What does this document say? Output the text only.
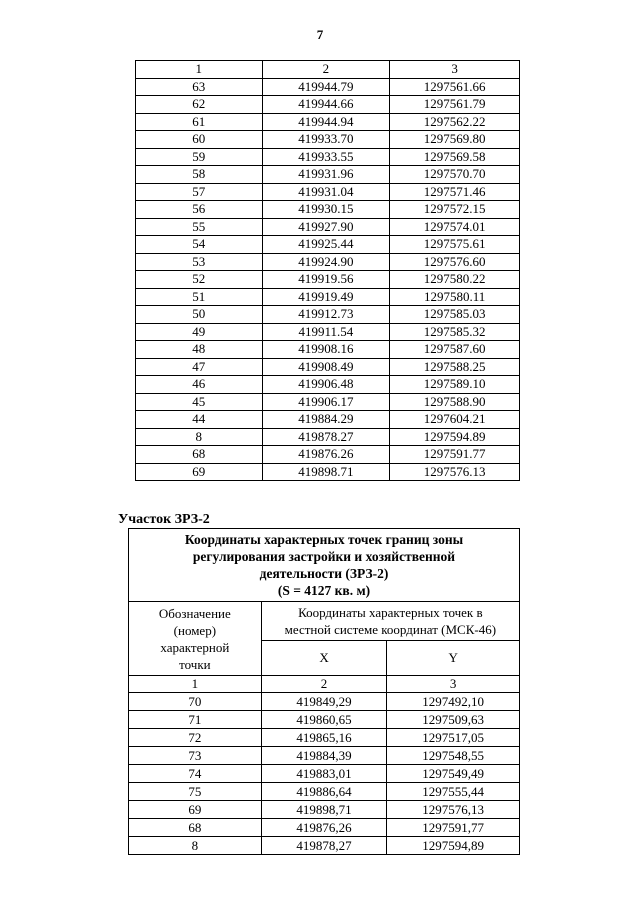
7
1	2	3
63	419944.79	1297561.66
62	419944.66	1297561.79
61	419944.94	1297562.22
60	419933.70	1297569.80
59	419933.55	1297569.58
58	419931.96	1297570.70
57	419931.04	1297571.46
56	419930.15	1297572.15
55	419927.90	1297574.01
54	419925.44	1297575.61
53	419924.90	1297576.60
52	419919.56	1297580.22
51	419919.49	1297580.11
50	419912.73	1297585.03
49	419911.54	1297585.32
48	419908.16	1297587.60
47	419908.49	1297588.25
46	419906.48	1297589.10
45	419906.17	1297588.90
44	419884.29	1297604.21
8	419878.27	1297594.89
68	419876.26	1297591.77
69	419898.71	1297576.13
Участок ЗРЗ-2
Координаты характерных точек границ зоны
регулирования застройки и хозяйственной
деятельности (ЗРЗ-2)
(S = 4127 кв. м)		
Обозначение
(номер)
характерной
точки	Координаты характерных точек в
местной системе координат (МСК-46)	
	X	Y
1	2	3
70	419849,29	1297492,10
71	419860,65	1297509,63
72	419865,16	1297517,05
73	419884,39	1297548,55
74	419883,01	1297549,49
75	419886,64	1297555,44
69	419898,71	1297576,13
68	419876,26	1297591,77
8	419878,27	1297594,89
